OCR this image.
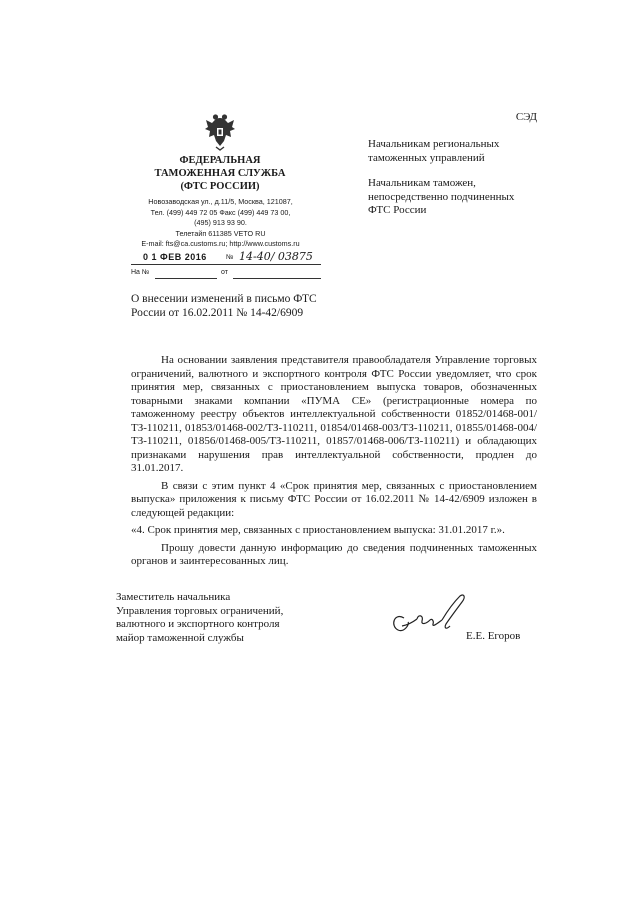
СЭД
ФЕДЕРАЛЬНАЯ
ТАМОЖЕННАЯ СЛУЖБА
(ФТС РОССИИ)
Новозаводская ул., д.11/5, Москва, 121087,
Тел. (499) 449 72 05 Факс (499) 449 73 00,
(495) 913 93 90.
Телетайп 611385 VETO RU
E-mail: fts@ca.customs.ru; http://www.customs.ru
0 1 ФЕВ 2016	№ 14-40/ 03875
На №	от
О внесении изменений в письмо ФТС России от 16.02.2011 № 14-42/6909
Начальникам региональных таможенных управлений
Начальникам таможен, непосредственно подчиненных ФТС России

На основании заявления представителя правообладателя Управление торговых ограничений, валютного и экспортного контроля ФТС России уведомляет, что срок принятия мер, связанных с приостановлением выпуска товаров, обозначенных товарными знаками компании «ПУМА СЕ» (регистрационные номера по таможенному реестру объектов интеллектуальной собственности 01852/01468-001/ТЗ-110211, 01853/01468-002/ТЗ-110211, 01854/01468-003/ТЗ-110211, 01855/01468-004/ТЗ-110211, 01856/01468-005/ТЗ-110211, 01857/01468-006/ТЗ-110211) и обладающих признаками нарушения прав интеллектуальной собственности, продлен до 31.01.2017.

В связи с этим пункт 4 «Срок принятия мер, связанных с приостановлением выпуска» приложения к письму ФТС России от 16.02.2011 № 14-42/6909 изложен в следующей редакции:

«4. Срок принятия мер, связанных с приостановлением выпуска: 31.01.2017 г.».

Прошу довести данную информацию до сведения подчиненных таможенных органов и заинтересованных лиц.

Заместитель начальника
Управления торговых ограничений,
валютного и экспортного контроля
майор таможенной службы	Е.Е. Егоров
